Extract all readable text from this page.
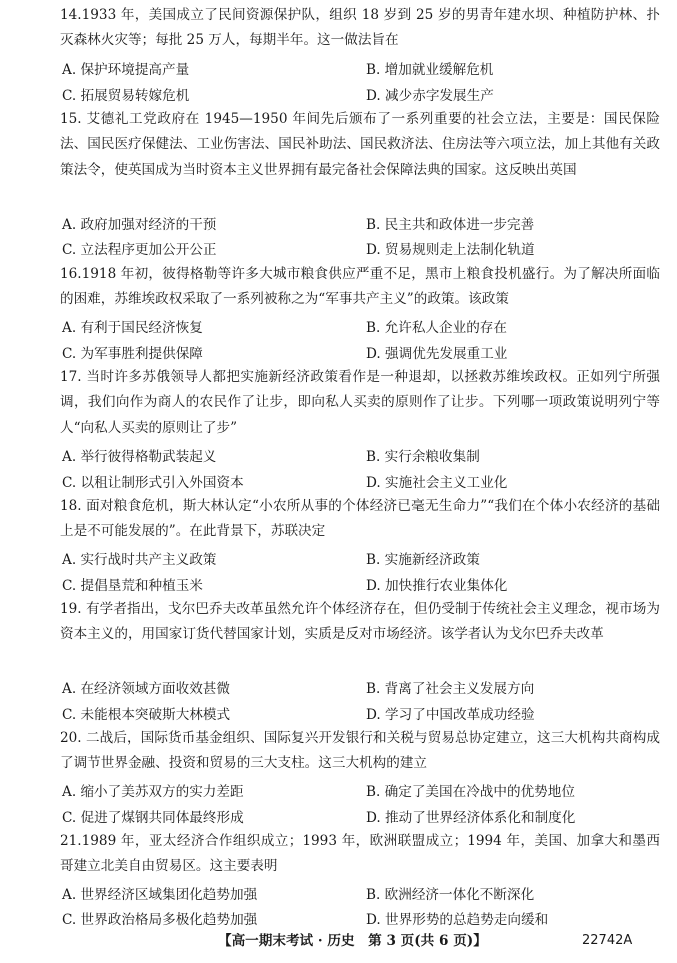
14.1933 年，美国成立了民间资源保护队，组织 18 岁到 25 岁的男青年建水坝、种植防护林、扑灭森林火灾等；每批 25 万人，每期半年。这一做法旨在

A. 保护环境提高产量	B. 增加就业缓解危机

C. 拓展贸易转嫁危机	D. 减少赤字发展生产

15. 艾德礼工党政府在 1945—1950 年间先后颁布了一系列重要的社会立法，主要是：国民保险法、国民医疗保健法、工业伤害法、国民补助法、国民救济法、住房法等六项立法，加上其他有关政策法令，使英国成为当时资本主义世界拥有最完备社会保障法典的国家。这反映出英国

A. 政府加强对经济的干预	B. 民主共和政体进一步完善

C. 立法程序更加公开公正	D. 贸易规则走上法制化轨道

16.1918 年初，彼得格勒等许多大城市粮食供应严重不足，黑市上粮食投机盛行。为了解决所面临的困难，苏维埃政权采取了一系列被称之为“军事共产主义”的政策。该政策

A. 有利于国民经济恢复	B. 允许私人企业的存在

C. 为军事胜利提供保障	D. 强调优先发展重工业

17. 当时许多苏俄领导人都把实施新经济政策看作是一种退却，以拯救苏维埃政权。正如列宁所强调，我们向作为商人的农民作了让步，即向私人买卖的原则作了让步。下列哪一项政策说明列宁等人“向私人买卖的原则让了步”

A. 举行彼得格勒武装起义	B. 实行余粮收集制

C. 以租让制形式引入外国资本	D. 实施社会主义工业化

18. 面对粮食危机，斯大林认定“小农所从事的个体经济已毫无生命力”“我们在个体小农经济的基础上是不可能发展的”。在此背景下，苏联决定

A. 实行战时共产主义政策	B. 实施新经济政策

C. 提倡垦荒和种植玉米	D. 加快推行农业集体化

19. 有学者指出，戈尔巴乔夫改革虽然允许个体经济存在，但仍受制于传统社会主义理念，视市场为资本主义的，用国家订货代替国家计划，实质是反对市场经济。该学者认为戈尔巴乔夫改革

A. 在经济领域方面收效甚微	B. 背离了社会主义发展方向

C. 未能根本突破斯大林模式	D. 学习了中国改革成功经验

20. 二战后，国际货币基金组织、国际复兴开发银行和关税与贸易总协定建立，这三大机构共商构成了调节世界金融、投资和贸易的三大支柱。这三大机构的建立

A. 缩小了美苏双方的实力差距	B. 确定了美国在冷战中的优势地位

C. 促进了煤钢共同体最终形成	D. 推动了世界经济体系化和制度化

21.1989 年，亚太经济合作组织成立；1993 年，欧洲联盟成立；1994 年，美国、加拿大和墨西哥建立北美自由贸易区。这主要表明

A. 世界经济区域集团化趋势加强	B. 欧洲经济一体化不断深化

C. 世界政治格局多极化趋势加强	D. 世界形势的总趋势走向缓和

【高一期末考试 · 历史　第 3 页(共 6 页)】	22742A
